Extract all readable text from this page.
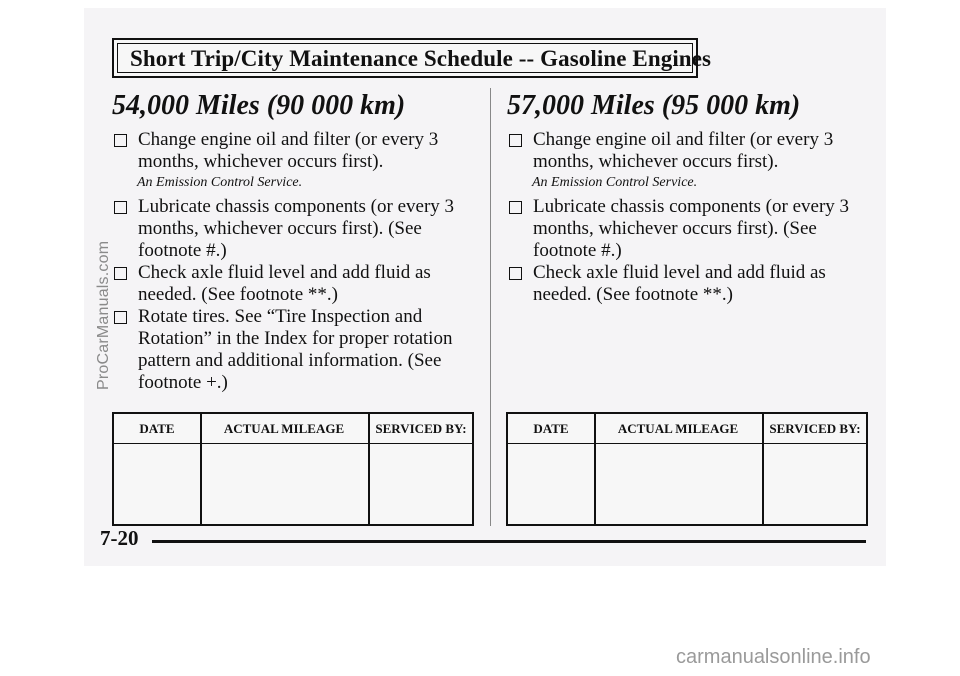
Short Trip/City Maintenance Schedule -- Gasoline Engines
54,000 Miles (90 000 km)
Change engine oil and filter (or every 3 months, whichever occurs first).
An Emission Control Service.
Lubricate chassis components (or every 3 months, whichever occurs first). (See footnote #.)
Check axle fluid level and add fluid as needed. (See footnote **.)
Rotate tires. See “Tire Inspection and Rotation” in the Index for proper rotation pattern and additional information. (See footnote +.)
DATE	ACTUAL MILEAGE	SERVICED BY:
57,000 Miles (95 000 km)
Change engine oil and filter (or every 3 months, whichever occurs first).
An Emission Control Service.
Lubricate chassis components (or every 3 months, whichever occurs first). (See footnote #.)
Check axle fluid level and add fluid as needed. (See footnote **.)
DATE	ACTUAL MILEAGE	SERVICED BY:
7-20
ProCarManuals.com
carmanualsonline.info
